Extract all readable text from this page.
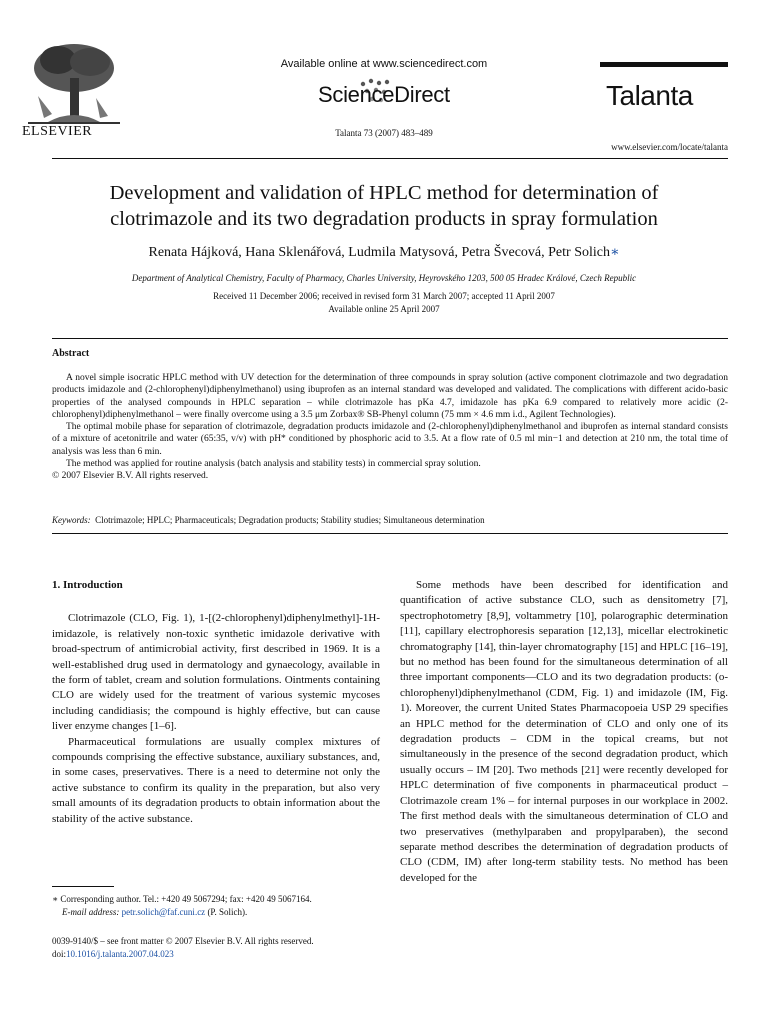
ELSEVIER
Available online at www.sciencedirect.com
ScienceDirect
Talanta 73 (2007) 483–489
Talanta
www.elsevier.com/locate/talanta
Development and validation of HPLC method for determination of
clotrimazole and its two degradation products in spray formulation
Renata Hájková, Hana Sklenářová, Ludmila Matysová, Petra Švecová, Petr Solich∗
Department of Analytical Chemistry, Faculty of Pharmacy, Charles University, Heyrovského 1203, 500 05 Hradec Králové, Czech Republic
Received 11 December 2006; received in revised form 31 March 2007; accepted 11 April 2007
Available online 25 April 2007
Abstract

A novel simple isocratic HPLC method with UV detection for the determination of three compounds in spray solution (active component clotrimazole and two degradation products imidazole and (2-chlorophenyl)diphenylmethanol) using ibuprofen as an internal standard was developed and validated. The complications with different acido-basic properties of the analysed compounds in HPLC separation – while clotrimazole has pKa 4.7, imidazole has pKa 6.9 compared to relatively more acidic (2-chlorophenyl)diphenylmethanol – were finally overcome using a 3.5 μm Zorbax® SB-Phenyl column (75 mm × 4.6 mm i.d., Agilent Technologies).

The optimal mobile phase for separation of clotrimazole, degradation products imidazole and (2-chlorophenyl)diphenylmethanol and ibuprofen as internal standard consists of a mixture of acetonitrile and water (65:35, v/v) with pH* conditioned by phosphoric acid to 3.5. At a flow rate of 0.5 ml min−1 and detection at 210 nm, the total time of analysis was less than 6 min.

The method was applied for routine analysis (batch analysis and stability tests) in commercial spray solution.

© 2007 Elsevier B.V. All rights reserved.

Keywords: Clotrimazole; HPLC; Pharmaceuticals; Degradation products; Stability studies; Simultaneous determination
1. Introduction

Clotrimazole (CLO, Fig. 1), 1-[(2-chlorophenyl)diphenylmethyl]-1H-imidazole, is relatively non-toxic synthetic imidazole derivative with broad-spectrum of antimicrobial activity, first described in 1969. It is a well-established drug used in dermatology and gynaecology, available in the form of tablet, cream and solution formulations. Ointments containing CLO are widely used for the treatment of various systemic mycoses including candidiasis; the compound is highly effective, but can cause liver enzyme changes [1–6].

Pharmaceutical formulations are usually complex mixtures of compounds comprising the effective substance, auxiliary substances, and, in some cases, preservatives. There is a need to determine not only the active substance to confirm its quality in the preparation, but also very small amounts of its degradation products to obtain information about the stability of the active substance.

Some methods have been described for identification and quantification of active substance CLO, such as densitometry [7], spectrophotometry [8,9], voltammetry [10], polarographic determination [11], capillary electrophoresis separation [12,13], micellar electrokinetic chromatography [14], thin-layer chromatography [15] and HPLC [16–19], but no method has been found for the simultaneous determination of all three important components—CLO and its two degradation products: (o-chlorophenyl)diphenylmethanol (CDM, Fig. 1) and imidazole (IM, Fig. 1). Moreover, the current United States Pharmacopoeia USP 29 specifies an HPLC method for the determination of CLO and only one of its degradation products – CDM in the topical creams, but not simultaneously in the presence of the second degradation product, which usually occurs – IM [20]. Two methods [21] were recently developed for HPLC determination of five components in pharmaceutical product – Clotrimazole cream 1% – for internal purposes in our workplace in 2002. The first method deals with the simultaneous determination of CLO and two preservatives (methylparaben and propylparaben), the second separate method describes the determination of degradation products of CLO (CDM, IM) after long-term stability tests. No method has been developed for the

∗ Corresponding author. Tel.: +420 49 5067294; fax: +420 49 5067164.
E-mail address: petr.solich@faf.cuni.cz (P. Solich).
0039-9140/$ – see front matter © 2007 Elsevier B.V. All rights reserved.
doi:10.1016/j.talanta.2007.04.023
